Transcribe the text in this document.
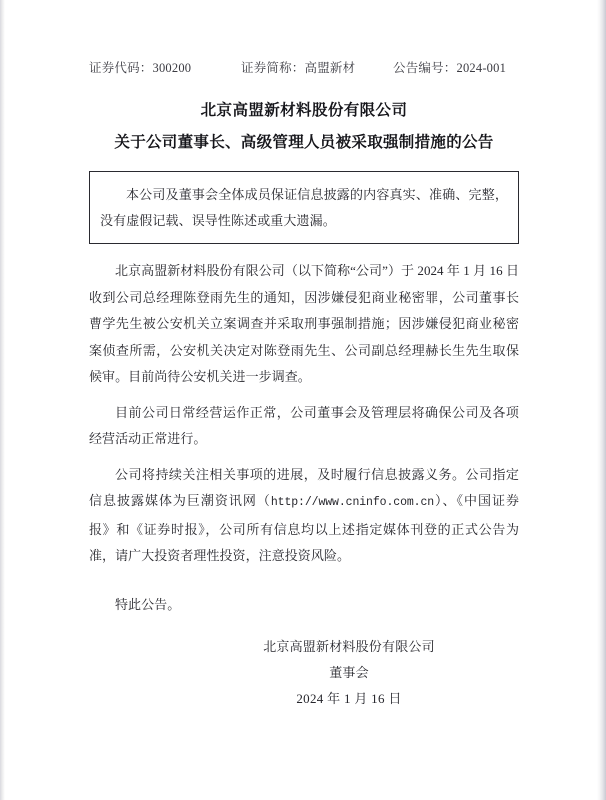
证券代码：300200	证券简称：高盟新材	公告编号：2024-001
北京高盟新材料股份有限公司
关于公司董事长、高级管理人员被采取强制措施的公告

本公司及董事会全体成员保证信息披露的内容真实、准确、完整，没有虚假记载、误导性陈述或重大遗漏。

北京高盟新材料股份有限公司（以下简称“公司”）于 2024 年 1 月 16 日收到公司总经理陈登雨先生的通知，因涉嫌侵犯商业秘密罪，公司董事长曹学先生被公安机关立案调查并采取刑事强制措施；因涉嫌侵犯商业秘密案侦查所需，公安机关决定对陈登雨先生、公司副总经理赫长生先生取保候审。目前尚待公安机关进一步调查。

目前公司日常经营运作正常，公司董事会及管理层将确保公司及各项经营活动正常进行。

公司将持续关注相关事项的进展，及时履行信息披露义务。公司指定信息披露媒体为巨潮资讯网（http://www.cninfo.com.cn）、《中国证券报》和《证券时报》，公司所有信息均以上述指定媒体刊登的正式公告为准，请广大投资者理性投资，注意投资风险。

特此公告。

北京高盟新材料股份有限公司
董事会
2024 年 1 月 16 日
